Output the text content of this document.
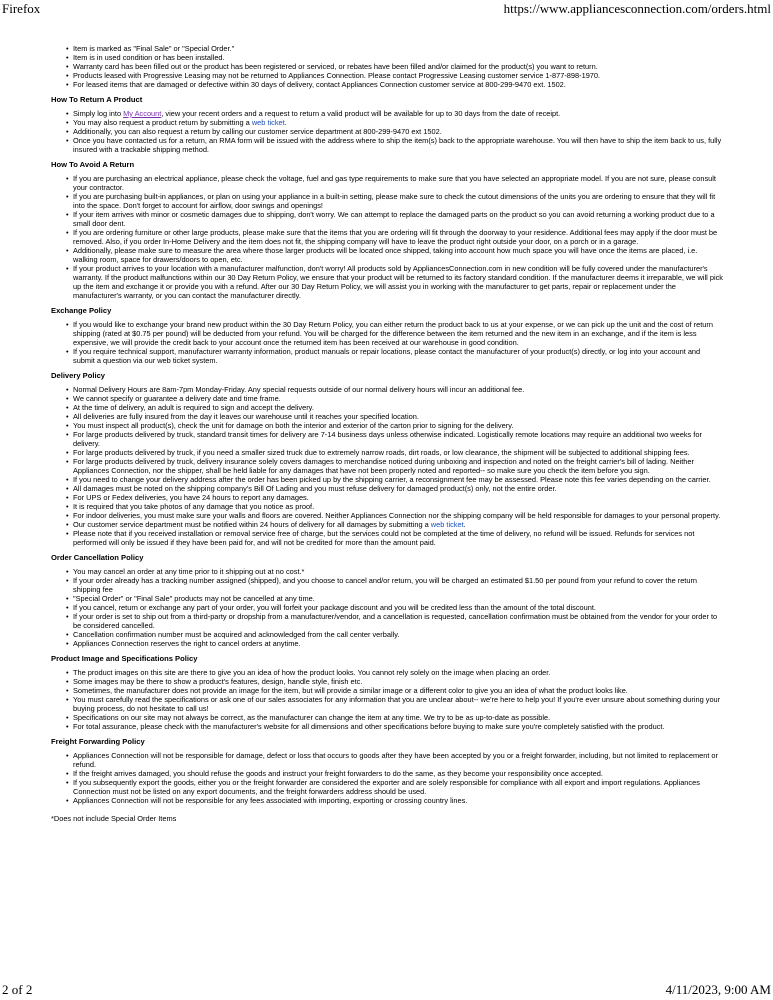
Firefox	https://www.appliancesconnection.com/orders.html
• Item is marked as "Final Sale" or "Special Order."
• Item is in used condition or has been installed.
• Warranty card has been filled out or the product has been registered or serviced, or rebates have been filled and/or claimed for the product(s) you want to return.
• Products leased with Progressive Leasing may not be returned to Appliances Connection. Please contact Progressive Leasing customer service 1-877-898-1970.
• For leased items that are damaged or defective within 30 days of delivery, contact Appliances Connection customer service at 800-299-9470 ext. 1502.
How To Return A Product
• Simply log into My Account, view your recent orders and a request to return a valid product will be available for up to 30 days from the date of receipt.
• You may also request a product return by submitting a web ticket.
• Additionally, you can also request a return by calling our customer service department at 800-299-9470 ext 1502.
• Once you have contacted us for a return, an RMA form will be issued with the address where to ship the item(s) back to the appropriate warehouse. You will then have to ship the item back to us, fully insured with a trackable shipping method.
How To Avoid A Return
• If you are purchasing an electrical appliance, please check the voltage, fuel and gas type requirements to make sure that you have selected an appropriate model. If you are not sure, please consult your contractor.
• If you are purchasing built-in appliances, or plan on using your appliance in a built-in setting, please make sure to check the cutout dimensions of the units you are ordering to ensure that they will fit into the space. Don't forget to account for airflow, door swings and openings!
• If your item arrives with minor or cosmetic damages due to shipping, don't worry. We can attempt to replace the damaged parts on the product so you can avoid returning a working product due to a small door dent.
• If you are ordering furniture or other large products, please make sure that the items that you are ordering will fit through the doorway to your residence. Additional fees may apply if the door must be removed. Also, if you order In-Home Delivery and the item does not fit, the shipping company will have to leave the product right outside your door, on a porch or in a garage.
• Additionally, please make sure to measure the area where those larger products will be located once shipped, taking into account how much space you will have once the items are placed, i.e. walking room, space for drawers/doors to open, etc.
• If your product arrives to your location with a manufacturer malfunction, don't worry! All products sold by AppliancesConnection.com in new condition will be fully covered under the manufacturer's warranty. If the product malfunctions within our 30 Day Return Policy, we ensure that your product will be returned to its factory standard condition. If the manufacturer deems it irreparable, we will pick up the item and exchange it or provide you with a refund. After our 30 Day Return Policy, we will assist you in working with the manufacturer to get parts, repair or replacement under the manufacturer's warranty, or you can contact the manufacturer directly.
Exchange Policy
• If you would like to exchange your brand new product within the 30 Day Return Policy, you can either return the product back to us at your expense, or we can pick up the unit and the cost of return shipping (rated at $0.75 per pound) will be deducted from your refund. You will be charged for the difference between the item returned and the new item in an exchange, and if the item is less expensive, we will provide the credit back to your account once the returned item has been received at our warehouse in good condition.
• If you require technical support, manufacturer warranty information, product manuals or repair locations, please contact the manufacturer of your product(s) directly, or log into your account and submit a question via our web ticket system.
Delivery Policy
• Normal Delivery Hours are 8am-7pm Monday-Friday. Any special requests outside of our normal delivery hours will incur an additional fee.
• We cannot specify or guarantee a delivery date and time frame.
• At the time of delivery, an adult is required to sign and accept the delivery.
• All deliveries are fully insured from the day it leaves our warehouse until it reaches your specified location.
• You must inspect all product(s), check the unit for damage on both the interior and exterior of the carton prior to signing for the delivery.
• For large products delivered by truck, standard transit times for delivery are 7-14 business days unless otherwise indicated. Logistically remote locations may require an additional two weeks for delivery.
• For large products delivered by truck, if you need a smaller sized truck due to extremely narrow roads, dirt roads, or low clearance, the shipment will be subjected to additional shipping fees.
• For large products delivered by truck, delivery insurance solely covers damages to merchandise noticed during unboxing and inspection and noted on the freight carrier's bill of lading. Neither Appliances Connection, nor the shipper, shall be held liable for any damages that have not been properly noted and reported-- so make sure you check the item before you sign.
• If you need to change your delivery address after the order has been picked up by the shipping carrier, a reconsignment fee may be assessed. Please note this fee varies depending on the carrier.
• All damages must be noted on the shipping company's Bill Of Lading and you must refuse delivery for damaged product(s) only, not the entire order.
• For UPS or Fedex deliveries, you have 24 hours to report any damages.
• It is required that you take photos of any damage that you notice as proof.
• For indoor deliveries, you must make sure your walls and floors are covered. Neither Appliances Connection nor the shipping company will be held responsible for damages to your personal property.
• Our customer service department must be notified within 24 hours of delivery for all damages by submitting a web ticket.
• Please note that if you received installation or removal service free of charge, but the services could not be completed at the time of delivery, no refund will be issued. Refunds for services not performed will only be issued if they have been paid for, and will not be credited for more than the amount paid.
Order Cancellation Policy
• You may cancel an order at any time prior to it shipping out at no cost.*
• If your order already has a tracking number assigned (shipped), and you choose to cancel and/or return, you will be charged an estimated $1.50 per pound from your refund to cover the return shipping fee
• "Special Order" or "Final Sale" products may not be cancelled at any time.
• If you cancel, return or exchange any part of your order, you will forfeit your package discount and you will be credited less than the amount of the total discount.
• If your order is set to ship out from a third-party or dropship from a manufacturer/vendor, and a cancellation is requested, cancellation confirmation must be obtained from the vendor for your order to be considered cancelled.
• Cancellation confirmation number must be acquired and acknowledged from the call center verbally.
• Appliances Connection reserves the right to cancel orders at anytime.
Product Image and Specifications Policy
• The product images on this site are there to give you an idea of how the product looks. You cannot rely solely on the image when placing an order.
• Some images may be there to show a product's features, design, handle style, finish etc.
• Sometimes, the manufacturer does not provide an image for the item, but will provide a similar image or a different color to give you an idea of what the product looks like.
• You must carefully read the specifications or ask one of our sales associates for any information that you are unclear about-- we're here to help you! If you're ever unsure about something during your buying process, do not hesitate to call us!
• Specifications on our site may not always be correct, as the manufacturer can change the item at any time. We try to be as up-to-date as possible.
• For total assurance, please check with the manufacturer's website for all dimensions and other specifications before buying to make sure you're completely satisfied with the product.
Freight Forwarding Policy
• Appliances Connection will not be responsible for damage, defect or loss that occurs to goods after they have been accepted by you or a freight forwarder, including, but not limited to replacement or refund.
• If the freight arrives damaged, you should refuse the goods and instruct your freight forwarders to do the same, as they become your responsibility once accepted.
• If you subsequently export the goods, either you or the freight forwarder are considered the exporter and are solely responsible for compliance with all export and import regulations. Appliances Connection must not be listed on any export documents, and the freight forwarders address should be used.
• Appliances Connection will not be responsible for any fees associated with importing, exporting or crossing country lines.
*Does not include Special Order Items
2 of 2	4/11/2023, 9:00 AM
